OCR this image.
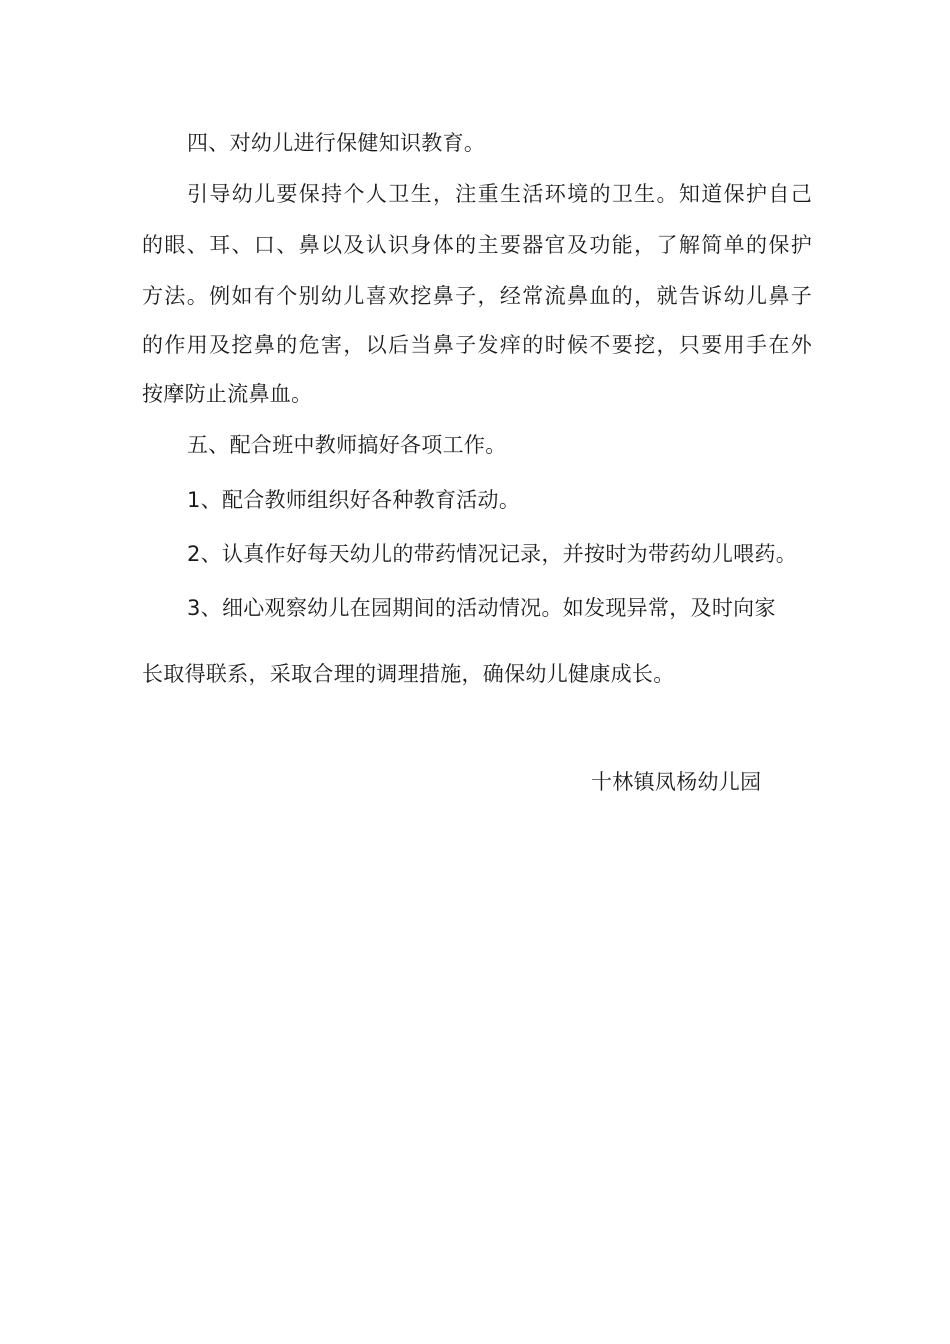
四、对幼儿进行保健知识教育。
引导幼儿要保持个人卫生，注重生活环境的卫生。知道保护自己
的眼、耳、口、鼻以及认识身体的主要器官及功能，了解简单的保护
方法。例如有个别幼儿喜欢挖鼻子，经常流鼻血的，就告诉幼儿鼻子
的作用及挖鼻的危害，以后当鼻子发痒的时候不要挖，只要用手在外
按摩防止流鼻血。
五、配合班中教师搞好各项工作。
1、配合教师组织好各种教育活动。
2、认真作好每天幼儿的带药情况记录，并按时为带药幼儿喂药。
3、细心观察幼儿在园期间的活动情况。如发现异常，及时向家
长取得联系，采取合理的调理措施，确保幼儿健康成长。
十林镇凤杨幼儿园
